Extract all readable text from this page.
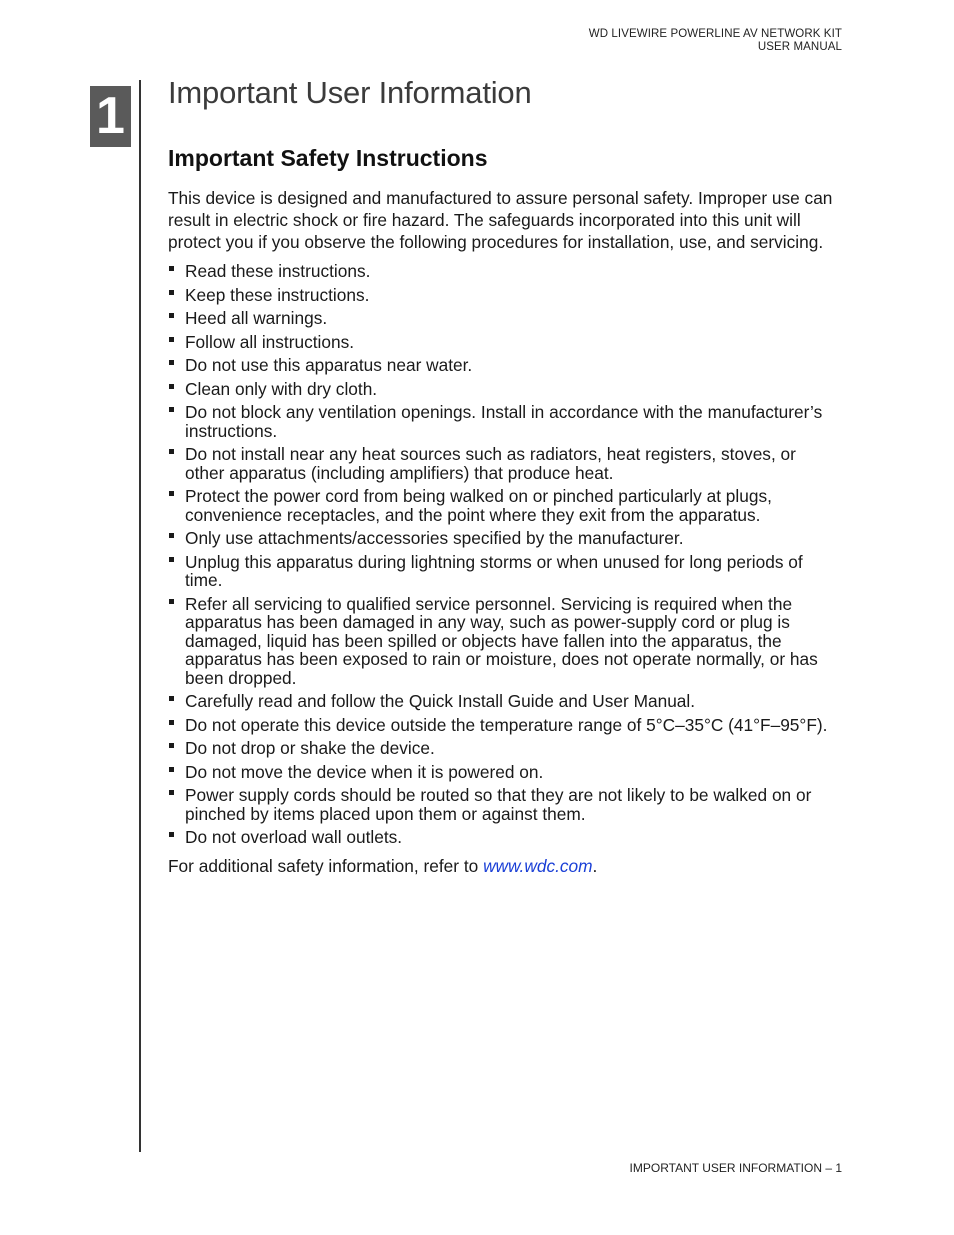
WD LIVEWIRE POWERLINE AV NETWORK KIT
USER MANUAL
1 Important User Information
Important Safety Instructions

This device is designed and manufactured to assure personal safety. Improper use can result in electric shock or fire hazard. The safeguards incorporated into this unit will protect you if you observe the following procedures for installation, use, and servicing.

Read these instructions.
Keep these instructions.
Heed all warnings.
Follow all instructions.
Do not use this apparatus near water.
Clean only with dry cloth.
Do not block any ventilation openings. Install in accordance with the manufacturer’s instructions.
Do not install near any heat sources such as radiators, heat registers, stoves, or other apparatus (including amplifiers) that produce heat.
Protect the power cord from being walked on or pinched particularly at plugs, convenience receptacles, and the point where they exit from the apparatus.
Only use attachments/accessories specified by the manufacturer.
Unplug this apparatus during lightning storms or when unused for long periods of time.
Refer all servicing to qualified service personnel. Servicing is required when the apparatus has been damaged in any way, such as power-supply cord or plug is damaged, liquid has been spilled or objects have fallen into the apparatus, the apparatus has been exposed to rain or moisture, does not operate normally, or has been dropped.
Carefully read and follow the Quick Install Guide and User Manual.
Do not operate this device outside the temperature range of 5°C–35°C (41°F–95°F).
Do not drop or shake the device.
Do not move the device when it is powered on.
Power supply cords should be routed so that they are not likely to be walked on or pinched by items placed upon them or against them.
Do not overload wall outlets.

For additional safety information, refer to www.wdc.com.

IMPORTANT USER INFORMATION – 1
